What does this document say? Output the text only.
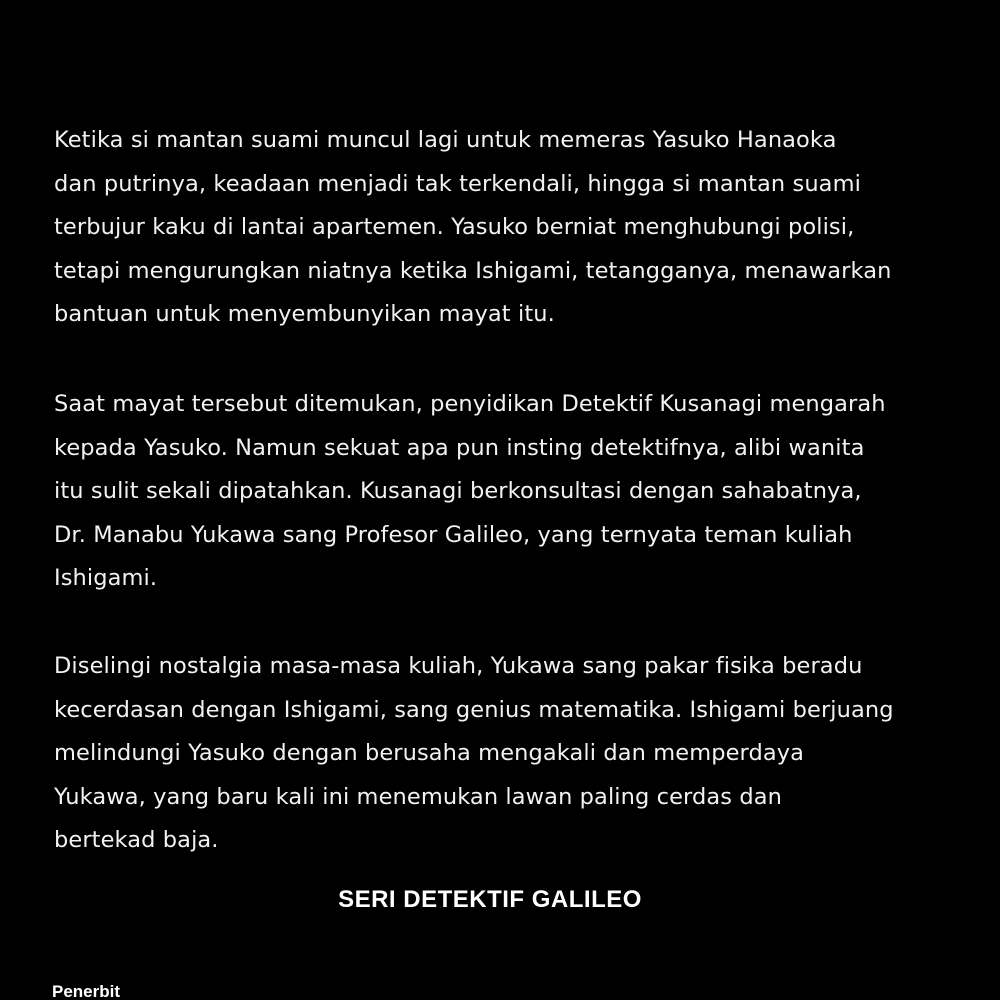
Ketika si mantan suami muncul lagi untuk memeras Yasuko Hanaoka
dan putrinya, keadaan menjadi tak terkendali, hingga si mantan suami
terbujur kaku di lantai apartemen. Yasuko berniat menghubungi polisi,
tetapi mengurungkan niatnya ketika Ishigami, tetangganya, menawarkan
bantuan untuk menyembunyikan mayat itu.

Saat mayat tersebut ditemukan, penyidikan Detektif Kusanagi mengarah
kepada Yasuko. Namun sekuat apa pun insting detektifnya, alibi wanita
itu sulit sekali dipatahkan. Kusanagi berkonsultasi dengan sahabatnya,
Dr. Manabu Yukawa sang Profesor Galileo, yang ternyata teman kuliah
Ishigami.

Diselingi nostalgia masa-masa kuliah, Yukawa sang pakar fisika beradu
kecerdasan dengan Ishigami, sang genius matematika. Ishigami berjuang
melindungi Yasuko dengan berusaha mengakali dan memperdaya
Yukawa, yang baru kali ini menemukan lawan paling cerdas dan
bertekad baja.

SERI DETEKTIF GALILEO
Penerbit
